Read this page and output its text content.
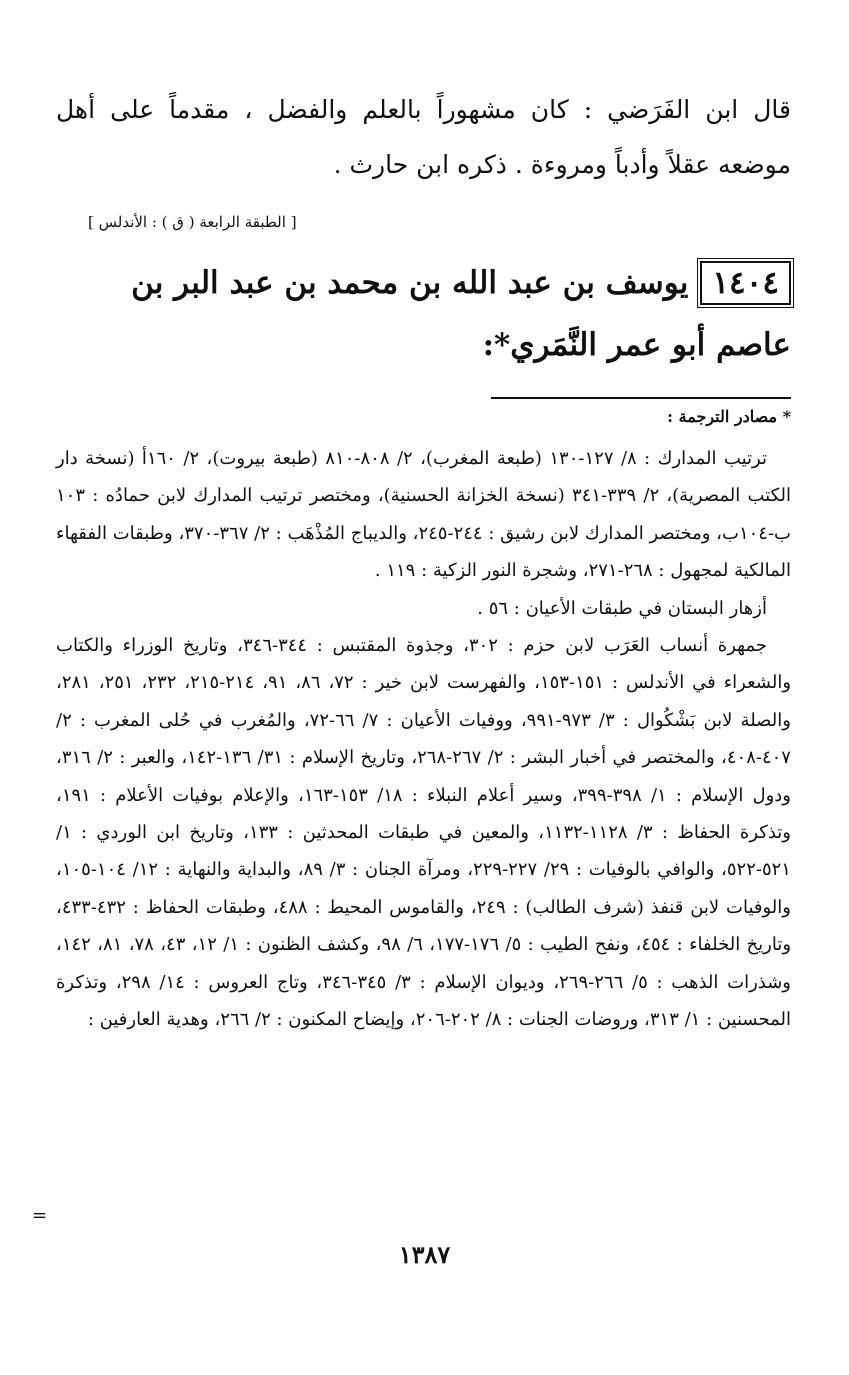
قال ابن الفَرَضي : كان مشهوراً بالعلم والفضل ، مقدماً على أهل موضعه عقلاً وأدباً ومروءة . ذكره ابن حارث .

[ الطبقة الرابعة ( ق ) : الأندلس ]
١٤٠٤يوسف بن عبد الله بن محمد بن عبد البر بن عاصم أبو عمر النَّمَري*:
* مصادر الترجمة :

ترتيب المدارك : ٨/ ١٢٧-١٣٠ (طبعة المغرب)، ٢/ ٨٠٨-٨١٠ (طبعة بيروت)، ٢/ ١٦٠أ (نسخة دار الكتب المصرية)، ٢/ ٣٣٩-٣٤١ (نسخة الخزانة الحسنية)، ومختصر ترتيب المدارك لابن حمادُه : ١٠٣ ب-١٠٤ب، ومختصر المدارك لابن رشيق : ٢٤٤-٢٤٥، والديباج المُذْهَب : ٢/ ٣٦٧-٣٧٠، وطبقات الفقهاء المالكية لمجهول : ٢٦٨-٢٧١، وشجرة النور الزكية : ١١٩ .

أزهار البستان في طبقات الأعيان : ٥٦ .

جمهرة أنساب العَرَب لابن حزم : ٣٠٢، وجذوة المقتبس : ٣٤٤-٣٤٦، وتاريخ الوزراء والكتاب والشعراء في الأندلس : ١٥١-١٥٣، والفهرست لابن خير : ٧٢، ٨٦، ٩١، ٢١٤-٢١٥، ٢٣٢، ٢٥١، ٢٨١، والصلة لابن بَشْكُوال : ٣/ ٩٧٣-٩٩١، ووفيات الأعيان : ٧/ ٦٦-٧٢، والمُغرب في حُلى المغرب : ٢/ ٤٠٧-٤٠٨، والمختصر في أخبار البشر : ٢/ ٢٦٧-٢٦٨، وتاريخ الإسلام : ٣١/ ١٣٦-١٤٢، والعبر : ٢/ ٣١٦، ودول الإسلام : ١/ ٣٩٨-٣٩٩، وسير أعلام النبلاء : ١٨/ ١٥٣-١٦٣، والإعلام بوفيات الأعلام : ١٩١، وتذكرة الحفاظ : ٣/ ١١٢٨-١١٣٢، والمعين في طبقات المحدثين : ١٣٣، وتاريخ ابن الوردي : ١/ ٥٢١-٥٢٢، والوافي بالوفيات : ٢٩/ ٢٢٧-٢٢٩، ومرآة الجنان : ٣/ ٨٩، والبداية والنهاية : ١٢/ ١٠٤-١٠٥، والوفيات لابن قنفذ (شرف الطالب) : ٢٤٩، والقاموس المحيط : ٤٨٨، وطبقات الحفاظ : ٤٣٢-٤٣٣، وتاريخ الخلفاء : ٤٥٤، ونفح الطيب : ٥/ ١٧٦-١٧٧، ٦/ ٩٨، وكشف الظنون : ١/ ١٢، ٤٣، ٧٨، ٨١، ١٤٢، وشذرات الذهب : ٥/ ٢٦٦-٢٦٩، وديوان الإسلام : ٣/ ٣٤٥-٣٤٦، وتاج العروس : ١٤/ ٢٩٨، وتذكرة المحسنين : ١/ ٣١٣، وروضات الجنات : ٨/ ٢٠٢-٢٠٦، وإيضاح المكنون : ٢/ ٢٦٦، وهدية العارفين :

=
١٣٨٧
